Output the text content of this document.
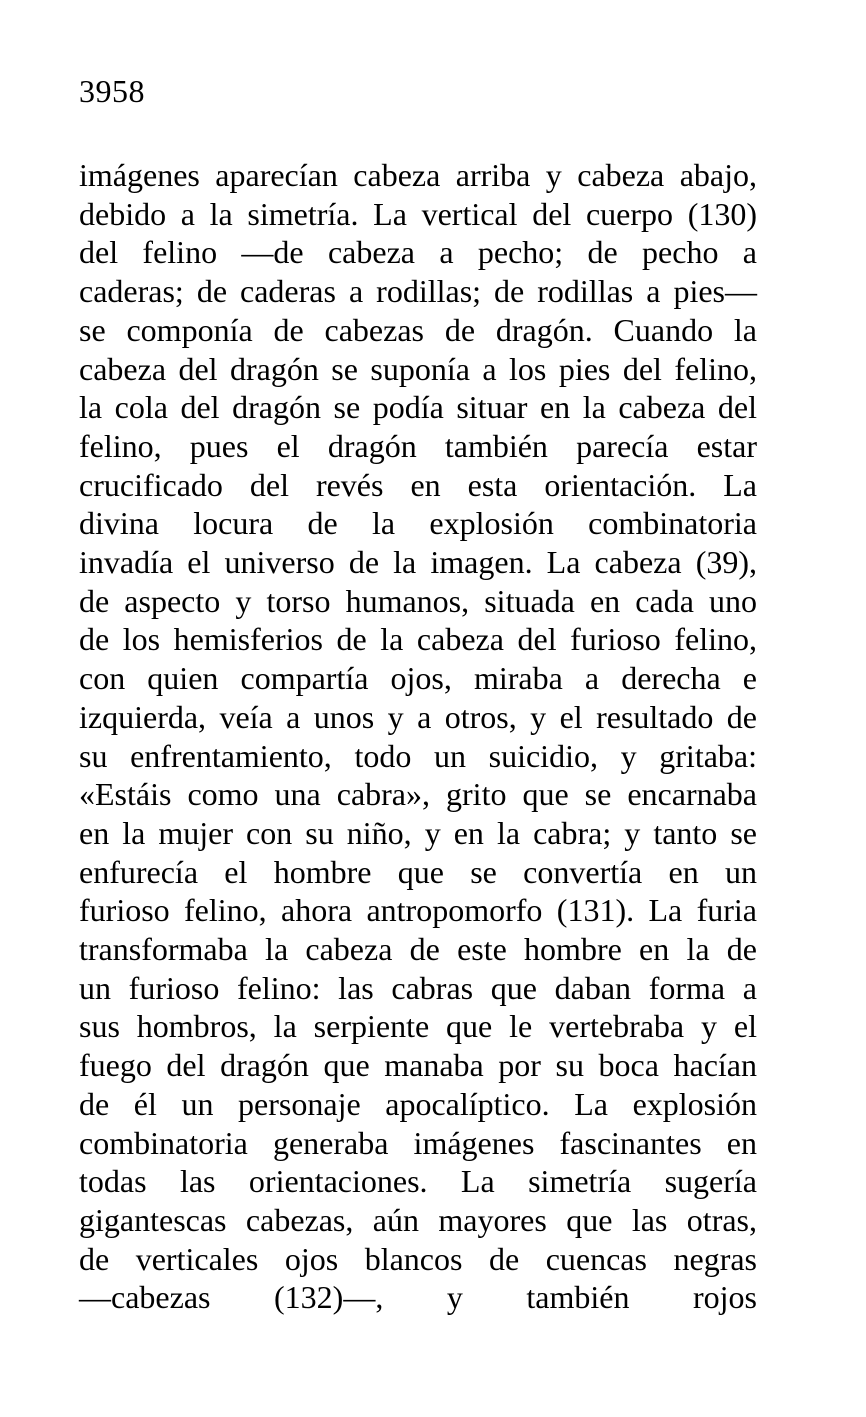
3958
imágenes aparecían cabeza arriba y cabeza abajo,
debido a la simetría. La vertical del cuerpo (130)
del felino —de cabeza a pecho; de pecho a
caderas; de caderas a rodillas; de rodillas a pies—
se componía de cabezas de dragón. Cuando la
cabeza del dragón se suponía a los pies del felino,
la cola del dragón se podía situar en la cabeza del
felino, pues el dragón también parecía estar
crucificado del revés en esta orientación. La
divina locura de la explosión combinatoria
invadía el universo de la imagen. La cabeza (39),
de aspecto y torso humanos, situada en cada uno
de los hemisferios de la cabeza del furioso felino,
con quien compartía ojos, miraba a derecha e
izquierda, veía a unos y a otros, y el resultado de
su enfrentamiento, todo un suicidio, y gritaba:
«Estáis como una cabra», grito que se encarnaba
en la mujer con su niño, y en la cabra; y tanto se
enfurecía el hombre que se convertía en un
furioso felino, ahora antropomorfo (131). La furia
transformaba la cabeza de este hombre en la de
un furioso felino: las cabras que daban forma a
sus hombros, la serpiente que le vertebraba y el
fuego del dragón que manaba por su boca hacían
de él un personaje apocalíptico. La explosión
combinatoria generaba imágenes fascinantes en
todas las orientaciones. La simetría sugería
gigantescas cabezas, aún mayores que las otras,
de verticales ojos blancos de cuencas negras
—cabezas (132)—, y también rojos
